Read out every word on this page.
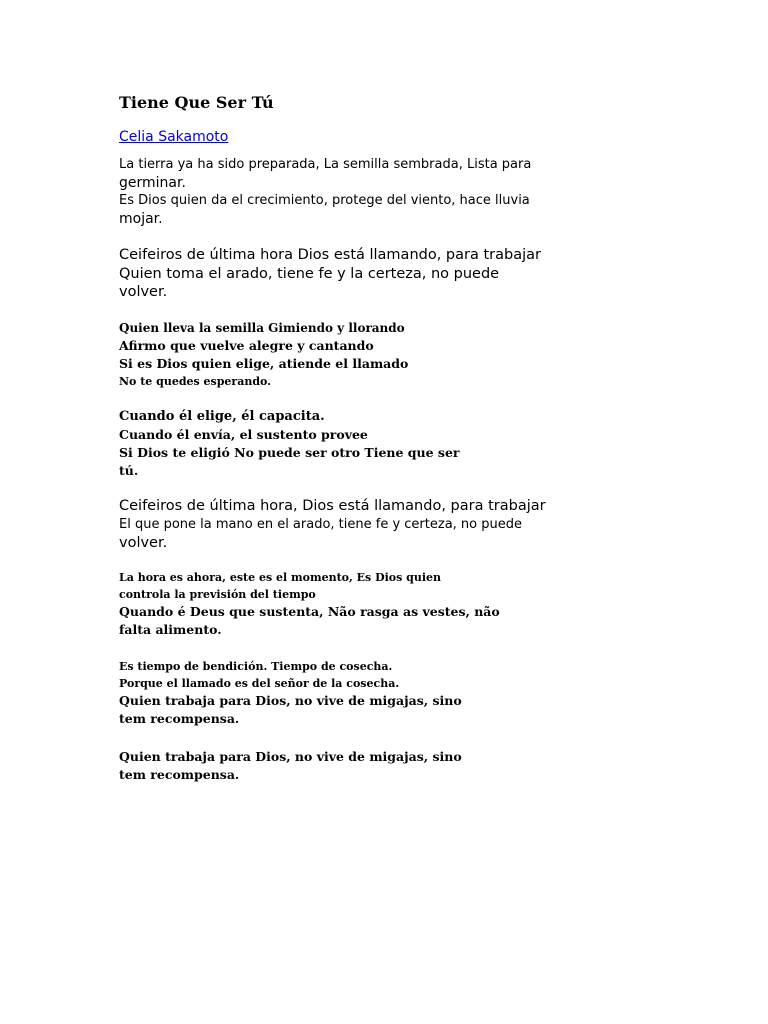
Tiene Que Ser Tú
Celia Sakamoto
La tierra ya ha sido preparada, La semilla sembrada, Lista para
germinar.
Es Dios quien da el crecimiento, protege del viento, hace lluvia
mojar.
Ceifeiros de última hora Dios está llamando, para trabajar
Quien toma el arado, tiene fe y la certeza, no puede
volver.
Quien lleva la semilla Gimiendo y llorando
Afirmo que vuelve alegre y cantando
Si es Dios quien elige, atiende el llamado
No te quedes esperando.
Cuando él elige, él capacita.
Cuando él envía, el sustento provee
Si Dios te eligió No puede ser otro Tiene que ser
tú.
Ceifeiros de última hora, Dios está llamando, para trabajar
El que pone la mano en el arado, tiene fe y certeza, no puede
volver.
La hora es ahora, este es el momento, Es Dios quien
controla la previsión del tiempo
Quando é Deus que sustenta, Não rasga as vestes, não
falta alimento.
Es tiempo de bendición. Tiempo de cosecha.
Porque el llamado es del señor de la cosecha.
Quien trabaja para Dios, no vive de migajas, sino
tem recompensa.
Quien trabaja para Dios, no vive de migajas, sino
tem recompensa.
